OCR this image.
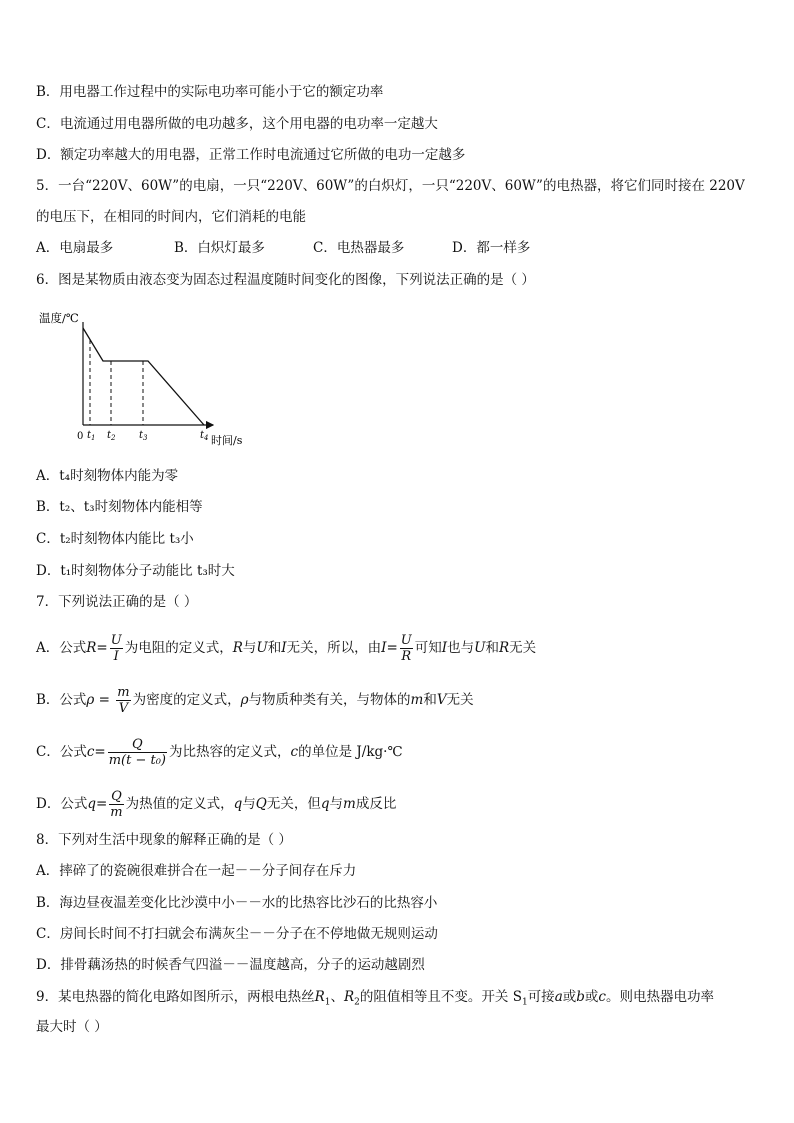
B．用电器工作过程中的实际电功率可能小于它的额定功率
C．电流通过用电器所做的电功越多，这个用电器的电功率一定越大
D．额定功率越大的用电器，正常工作时电流通过它所做的电功一定越多
5．一台“220V、60W”的电扇，一只“220V、60W”的白炽灯，一只“220V、60W”的电热器，将它们同时接在 220V
的电压下，在相同的时间内，它们消耗的电能
A．电扇最多	B．白炽灯最多	C．电热器最多	D．都一样多
6．图是某物质由液态变为固态过程温度随时间变化的图像，下列说法正确的是（ ）
温度/℃
0 $t_1$ $t_2$ $t_3$	$t_4$ 时间/s
A．t₄时刻物体内能为零
B．t₂、t₃时刻物体内能相等
C．t₂时刻物体内能比 t₃小
D．t₁时刻物体分子动能比 t₃时大
7．下列说法正确的是（ ）
A．公式$R= \frac{U}{I}$ 为电阻的定义式，R与U和I无关，所以，由$I= \frac{U}{R}$ 可知I也与U和R无关
B．公式$\rho = \frac{m}{V}$ 为密度的定义式，ρ与物质种类有关，与物体的m和V无关
C．公式$c= \frac{Q}{\text{m(t − t₀)}}$ 为比热容的定义式，c的单位是 J/kg·℃
D．公式$q= \frac{Q}{m}$ 为热值的定义式，q与Q无关，但q与m成反比
8．下列对生活中现象的解释正确的是（ ）
A．摔碎了的瓷碗很难拼合在一起－－分子间存在斥力
B．海边昼夜温差变化比沙漠中小－－水的比热容比沙石的比热容小
C．房间长时间不打扫就会布满灰尘－－分子在不停地做无规则运动
D．排骨藕汤热的时候香气四溢－－温度越高，分子的运动越剧烈
9．某电热器的简化电路如图所示，两根电热丝$R_1$、$R_2$的阻值相等且不变。开关 $S_1$可接a或b或c。则电热器电功率
最大时（ ）
